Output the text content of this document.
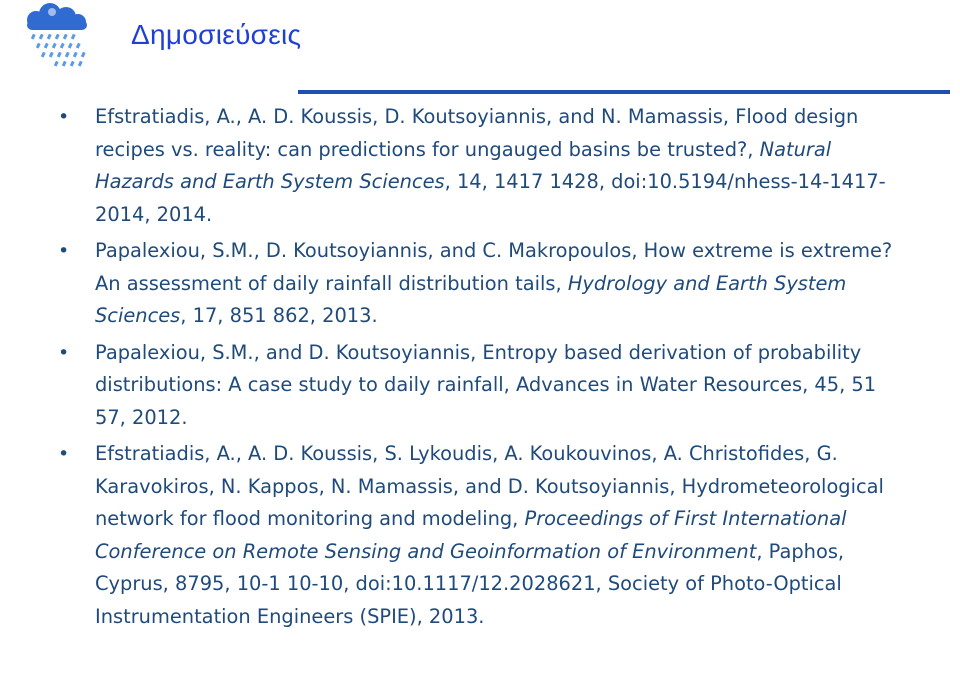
Δημοσιεύσεις
• Efstratiadis, A., A. D. Koussis, D. Koutsoyiannis, and N. Mamassis, Flood design recipes vs. reality: can predictions for ungauged basins be trusted?, Natural Hazards and Earth System Sciences, 14, 1417 1428, doi:10.5194/nhess-14-1417-2014, 2014.
• Papalexiou, S.M., D. Koutsoyiannis, and C. Makropoulos, How extreme is extreme? An assessment of daily rainfall distribution tails, Hydrology and Earth System Sciences, 17, 851 862, 2013.
• Papalexiou, S.M., and D. Koutsoyiannis, Entropy based derivation of probability distributions: A case study to daily rainfall, Advances in Water Resources, 45, 51 57, 2012.
• Efstratiadis, A., A. D. Koussis, S. Lykoudis, A. Koukouvinos, A. Christofides, G. Karavokiros, N. Kappos, N. Mamassis, and D. Koutsoyiannis, Hydrometeorological network for flood monitoring and modeling, Proceedings of First International Conference on Remote Sensing and Geoinformation of Environment, Paphos, Cyprus, 8795, 10-1 10-10, doi:10.1117/12.2028621, Society of Photo-Optical Instrumentation Engineers (SPIE), 2013.
